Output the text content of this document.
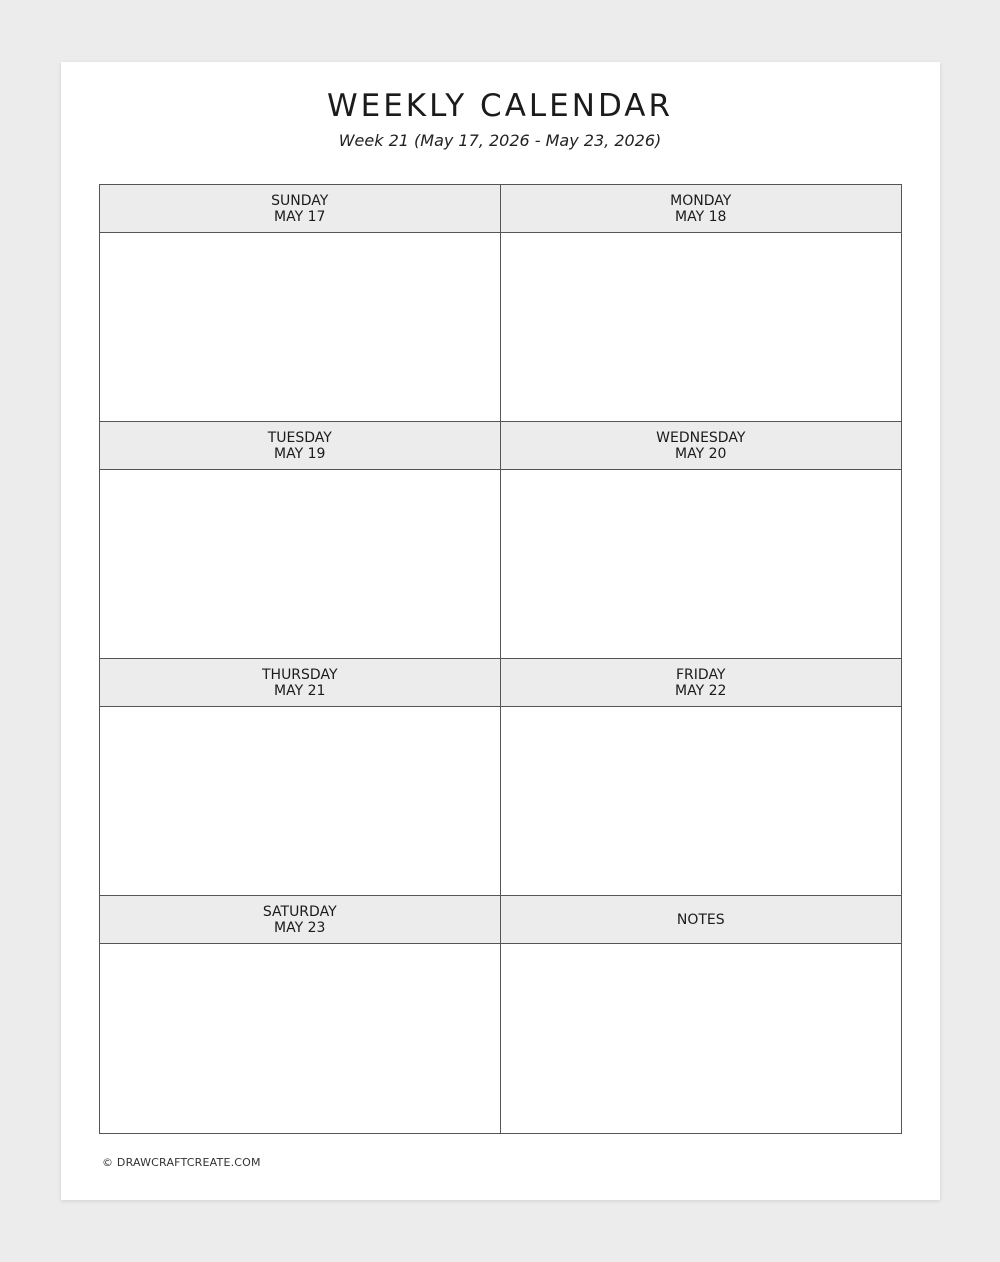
WEEKLY CALENDAR
Week 21 (May 17, 2026 - May 23, 2026)
SUNDAY
MAY 17
MONDAY
MAY 18
TUESDAY
MAY 19
WEDNESDAY
MAY 20
THURSDAY
MAY 21
FRIDAY
MAY 22
SATURDAY
MAY 23	NOTES
© DRAWCRAFTCREATE.COM
